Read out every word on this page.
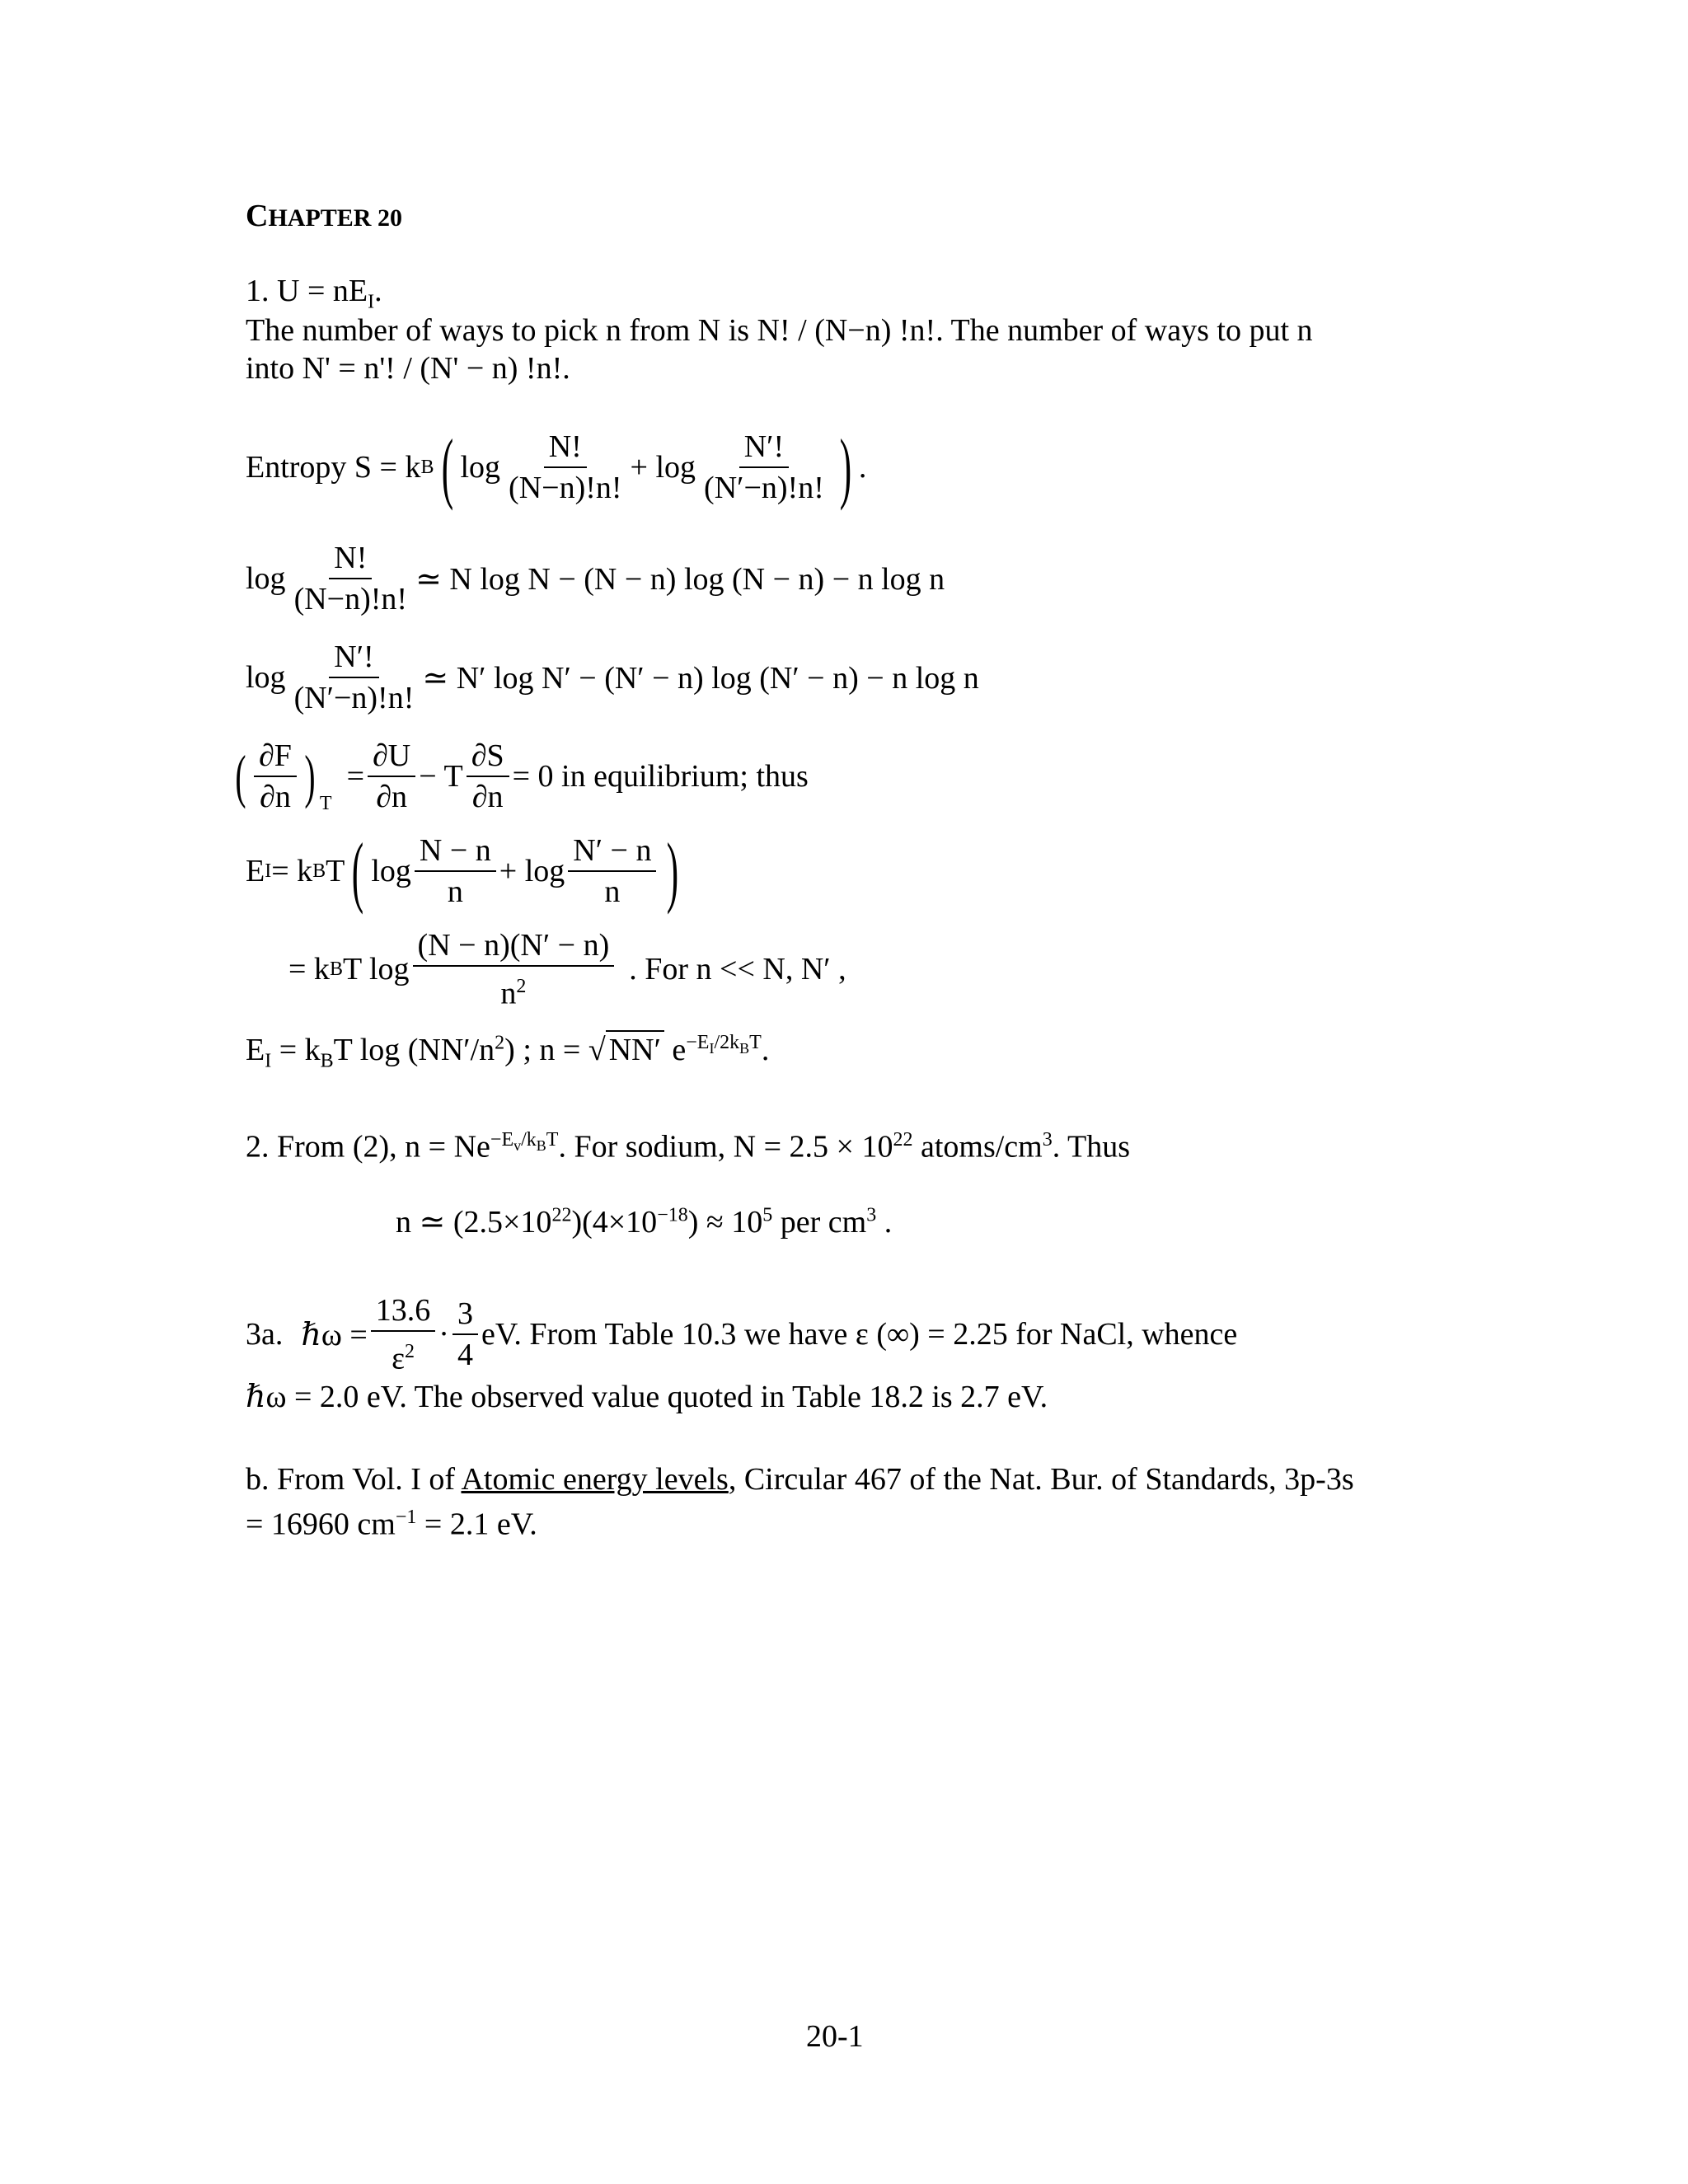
CHAPTER 20
1. $U = nE_I$.
The number of ways to pick n from N is N! / (N−n) !n!. The number of ways to put n
into N' = n'! / (N' − n) !n!.
Entropy S = k B ( $\log \frac{N!}{(N-n)!n!} + \log \frac{N'!}{(N'-n)!n!}$ ) .
$\log \frac{N!}{(N-n)!n!}$ ≃ N log N − (N − n) log (N − n) − n log n
$\log \frac{N'!}{(N'-n)!n!}$ ≃ N′ log N′ − (N′ − n) log (N′ − n) − n log n
( $\frac{\partial F}{\partial n} )_T$
= $\frac{\partial U}{\partial n} - T \frac{\partial S}{\partial n} = 0$ in equilibrium; thus
E I = k B T ( $\log \frac{N - n}{n} + \log \frac{N' - n}{n}$ )
= k B T $\log \frac{(N - n)(N' - n)}{n^2}$ . For n << N, N′ ,
$E_I = k_BT$ $\log (NN'/n^2)$ ; n = √ NN′ $e^{-E_I/2k_BT}$.
2. From (2), $n = Ne^{-E_v/k_BT}$. For sodium, $N = 2.5 \times 10^{22}$ atoms/$cm^3$. Thus
n ≃ $(2.5\times 10^{22})(4\times 10^{-18}) \approx 10^5$ per $cm^3$ .
3a. ℏω = $\frac{13.6}{\varepsilon^2} \cdot \frac{3}{4}$ eV. From Table 10.3 we have ε (∞) = 2.25 for NaCl, whence
ℏω = 2.0 eV. The observed value quoted in Table 18.2 is 2.7 eV.
b. From Vol. I of Atomic energy levels, Circular 467 of the Nat. Bur. of Standards, 3p-3s
= 16960 $cm^{-1} = 2.1$ eV.
20-1
